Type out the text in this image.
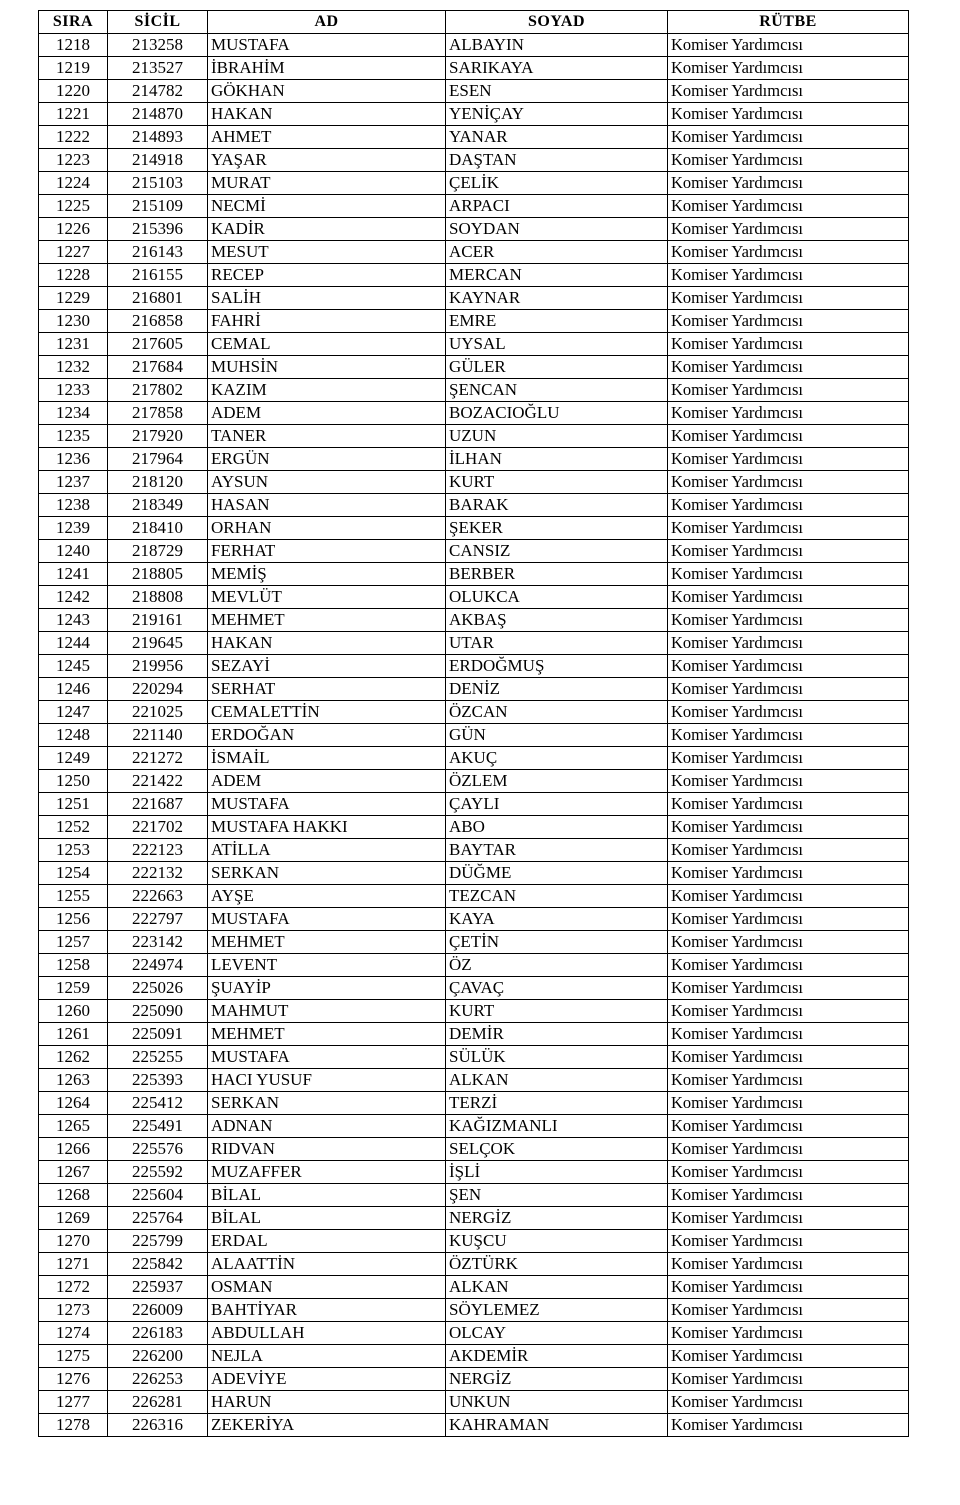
SIRA	SİCİL	AD	SOYAD	RÜTBE
1218	213258	MUSTAFA	ALBAYIN	Komiser Yardımcısı
1219	213527	İBRAHİM	SARIKAYA	Komiser Yardımcısı
1220	214782	GÖKHAN	ESEN	Komiser Yardımcısı
1221	214870	HAKAN	YENİÇAY	Komiser Yardımcısı
1222	214893	AHMET	YANAR	Komiser Yardımcısı
1223	214918	YAŞAR	DAŞTAN	Komiser Yardımcısı
1224	215103	MURAT	ÇELİK	Komiser Yardımcısı
1225	215109	NECMİ	ARPACI	Komiser Yardımcısı
1226	215396	KADİR	SOYDAN	Komiser Yardımcısı
1227	216143	MESUT	ACER	Komiser Yardımcısı
1228	216155	RECEP	MERCAN	Komiser Yardımcısı
1229	216801	SALİH	KAYNAR	Komiser Yardımcısı
1230	216858	FAHRİ	EMRE	Komiser Yardımcısı
1231	217605	CEMAL	UYSAL	Komiser Yardımcısı
1232	217684	MUHSİN	GÜLER	Komiser Yardımcısı
1233	217802	KAZIM	ŞENCAN	Komiser Yardımcısı
1234	217858	ADEM	BOZACIOĞLU	Komiser Yardımcısı
1235	217920	TANER	UZUN	Komiser Yardımcısı
1236	217964	ERGÜN	İLHAN	Komiser Yardımcısı
1237	218120	AYSUN	KURT	Komiser Yardımcısı
1238	218349	HASAN	BARAK	Komiser Yardımcısı
1239	218410	ORHAN	ŞEKER	Komiser Yardımcısı
1240	218729	FERHAT	CANSIZ	Komiser Yardımcısı
1241	218805	MEMİŞ	BERBER	Komiser Yardımcısı
1242	218808	MEVLÜT	OLUKCA	Komiser Yardımcısı
1243	219161	MEHMET	AKBAŞ	Komiser Yardımcısı
1244	219645	HAKAN	UTAR	Komiser Yardımcısı
1245	219956	SEZAYİ	ERDOĞMUŞ	Komiser Yardımcısı
1246	220294	SERHAT	DENİZ	Komiser Yardımcısı
1247	221025	CEMALETTİN	ÖZCAN	Komiser Yardımcısı
1248	221140	ERDOĞAN	GÜN	Komiser Yardımcısı
1249	221272	İSMAİL	AKUÇ	Komiser Yardımcısı
1250	221422	ADEM	ÖZLEM	Komiser Yardımcısı
1251	221687	MUSTAFA	ÇAYLI	Komiser Yardımcısı
1252	221702	MUSTAFA HAKKI	ABO	Komiser Yardımcısı
1253	222123	ATİLLA	BAYTAR	Komiser Yardımcısı
1254	222132	SERKAN	DÜĞME	Komiser Yardımcısı
1255	222663	AYŞE	TEZCAN	Komiser Yardımcısı
1256	222797	MUSTAFA	KAYA	Komiser Yardımcısı
1257	223142	MEHMET	ÇETİN	Komiser Yardımcısı
1258	224974	LEVENT	ÖZ	Komiser Yardımcısı
1259	225026	ŞUAYİP	ÇAVAÇ	Komiser Yardımcısı
1260	225090	MAHMUT	KURT	Komiser Yardımcısı
1261	225091	MEHMET	DEMİR	Komiser Yardımcısı
1262	225255	MUSTAFA	SÜLÜK	Komiser Yardımcısı
1263	225393	HACI YUSUF	ALKAN	Komiser Yardımcısı
1264	225412	SERKAN	TERZİ	Komiser Yardımcısı
1265	225491	ADNAN	KAĞIZMANLI	Komiser Yardımcısı
1266	225576	RIDVAN	SELÇOK	Komiser Yardımcısı
1267	225592	MUZAFFER	İŞLİ	Komiser Yardımcısı
1268	225604	BİLAL	ŞEN	Komiser Yardımcısı
1269	225764	BİLAL	NERGİZ	Komiser Yardımcısı
1270	225799	ERDAL	KUŞCU	Komiser Yardımcısı
1271	225842	ALAATTİN	ÖZTÜRK	Komiser Yardımcısı
1272	225937	OSMAN	ALKAN	Komiser Yardımcısı
1273	226009	BAHTİYAR	SÖYLEMEZ	Komiser Yardımcısı
1274	226183	ABDULLAH	OLCAY	Komiser Yardımcısı
1275	226200	NEJLA	AKDEMİR	Komiser Yardımcısı
1276	226253	ADEVİYE	NERGİZ	Komiser Yardımcısı
1277	226281	HARUN	UNKUN	Komiser Yardımcısı
1278	226316	ZEKERİYA	KAHRAMAN	Komiser Yardımcısı
